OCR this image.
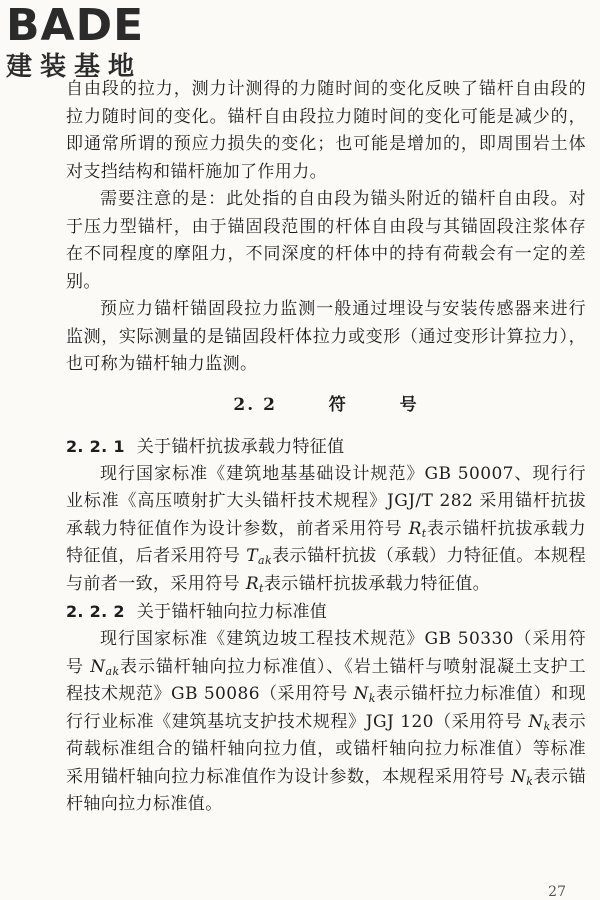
BADE
建装基地

自由段的拉力，测力计测得的力随时间的变化反映了锚杆自由段的拉力随时间的变化。锚杆自由段拉力随时间的变化可能是减少的，即通常所谓的预应力损失的变化；也可能是增加的，即周围岩土体对支挡结构和锚杆施加了作用力。

需要注意的是：此处指的自由段为锚头附近的锚杆自由段。对于压力型锚杆，由于锚固段范围的杆体自由段与其锚固段注浆体存在不同程度的摩阻力，不同深度的杆体中的持有荷载会有一定的差别。

预应力锚杆锚固段拉力监测一般通过埋设与安装传感器来进行监测，实际测量的是锚固段杆体拉力或变形（通过变形计算拉力），也可称为锚杆轴力监测。

2. 2	符	号
2. 2. 1 关于锚杆抗拔承载力特征值

现行国家标准《建筑地基基础设计规范》GB 50007、现行行业标准《高压喷射扩大头锚杆技术规程》JGJ/T 282 采用锚杆抗拔承载力特征值作为设计参数，前者采用符号 $R_t$表示锚杆抗拔承载力特征值，后者采用符号 $T_{ak}$表示锚杆抗拔（承载）力特征值。本规程与前者一致，采用符号 $R_t$表示锚杆抗拔承载力特征值。

2. 2. 2 关于锚杆轴向拉力标准值

现行国家标准《建筑边坡工程技术规范》GB 50330（采用符号 $N_{ak}$表示锚杆轴向拉力标准值）、《岩土锚杆与喷射混凝土支护工程技术规范》GB 50086（采用符号 $N_k$表示锚杆拉力标准值）和现行行业标准《建筑基坑支护技术规程》JGJ 120（采用符号 $N_k$表示荷载标准组合的锚杆轴向拉力值，或锚杆轴向拉力标准值）等标准采用锚杆轴向拉力标准值作为设计参数，本规程采用符号 $N_k$表示锚杆轴向拉力标准值。

27
